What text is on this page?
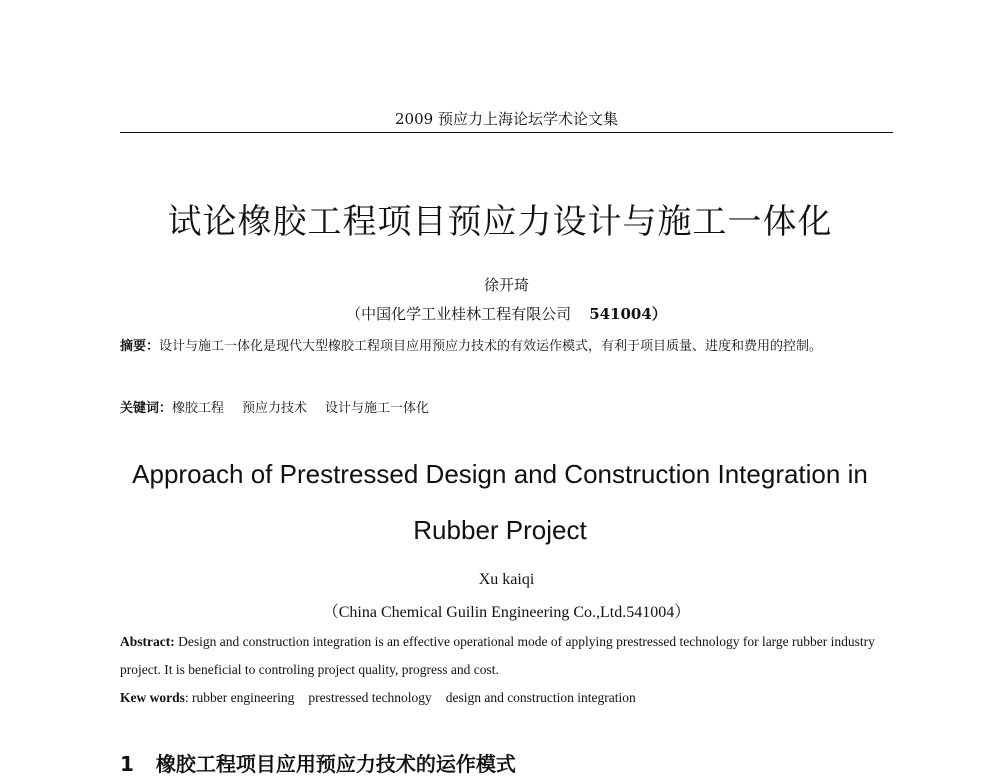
2009 预应力上海论坛学术论文集
试论橡胶工程项目预应力设计与施工一体化
徐开琦
（中国化学工业桂林工程有限公司 541004）
摘要：设计与施工一体化是现代大型橡胶工程项目应用预应力技术的有效运作模式，有利于项目质量、进度和费用的控制。
关键词：橡胶工程 预应力技术 设计与施工一体化
Approach of Prestressed Design and Construction Integration in
Rubber Project
Xu kaiqi
（China Chemical Guilin Engineering Co.,Ltd.541004）
Abstract: Design and construction integration is an effective operational mode of applying prestressed technology for large rubber industry project. It is beneficial to controling project quality, progress and cost.
Kew words: rubber engineering prestressed technology design and construction integration
1 橡胶工程项目应用预应力技术的运作模式
